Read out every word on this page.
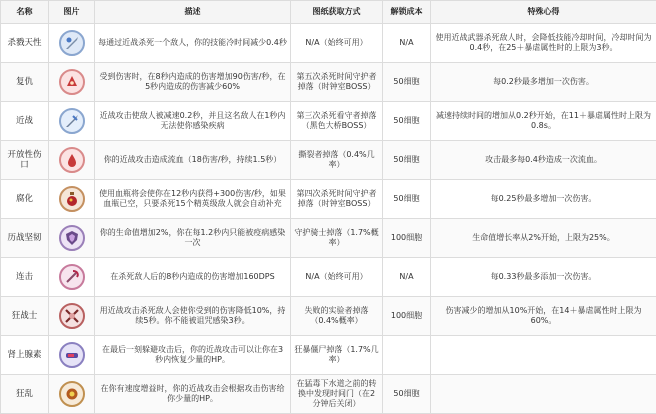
名称	图片	描述	图纸获取方式	解锁成本	特殊心得
杀戮天性		每通过近战杀死一个敌人，你的技能冷时间减少0.4秒	N/A（始终可用）	N/A	使用近战武器杀死敌人时，会降低技能冷却时间，冷却时间为0.4秒，在25＋暴虐属性时的上限为3秒。
复仇		受到伤害时，在8秒内造成的伤害增加90伤害/秒，在5秒内造成的伤害减少60%	第五次杀死时间守护者掉落（时钟室BOSS）	50细胞	每0.2秒最多增加一次伤害。
近战		近战攻击使敌人被减速0.2秒，并且这名敌人在1秒内无法使你感染疾病	第三次杀死看守者掉落（黑色大桥BOSS）	50细胞	减速持续时间的增加从0.2秒开始，在11＋暴虐属性时上限为0.8s。
开放性伤口		你的近战攻击造成流血（18伤害/秒，持续1.5秒）	撕裂者掉落（0.4%几率）	50细胞	攻击最多每0.4秒造成一次流血。
腐化		使用血瓶将会使你在12秒内获得+300伤害/秒，如果血瓶已空，只要杀死15个精英级敌人就会自动补充	第四次杀死时间守护者掉落（时钟室BOSS）	50细胞	每0.25秒最多增加一次伤害。
历战坚韧		你的生命值增加2%，你在每1.2秒内只能被疫病感染一次	守护骑士掉落（1.7%概率）	100细胞	生命值增长率从2%开始，上限为25%。
连击		在杀死敌人后的8秒内造成的伤害增加160DPS	N/A（始终可用）	N/A	每0.33秒最多添加一次伤害。
狂战士		用近战攻击杀死敌人会使你受到的伤害降低10%，持续5秒。你不能被诅咒感染3秒。	失败的实验者掉落（0.4%概率）	100细胞	伤害减少的增加从10%开始，在14＋暴虐属性时上限为60%。
肾上腺素		在最后一刻躲避攻击后，你的近战攻击可以让你在3秒内恢复少量的HP。	狂暴僵尸掉落（1.7%几率）		
狂乱		在你有速度增益时，你的近战攻击会根据攻击伤害给你少量的HP。	在猛毒下水道之前的转换中发现时间门（在2分钟后关闭）	50细胞	
